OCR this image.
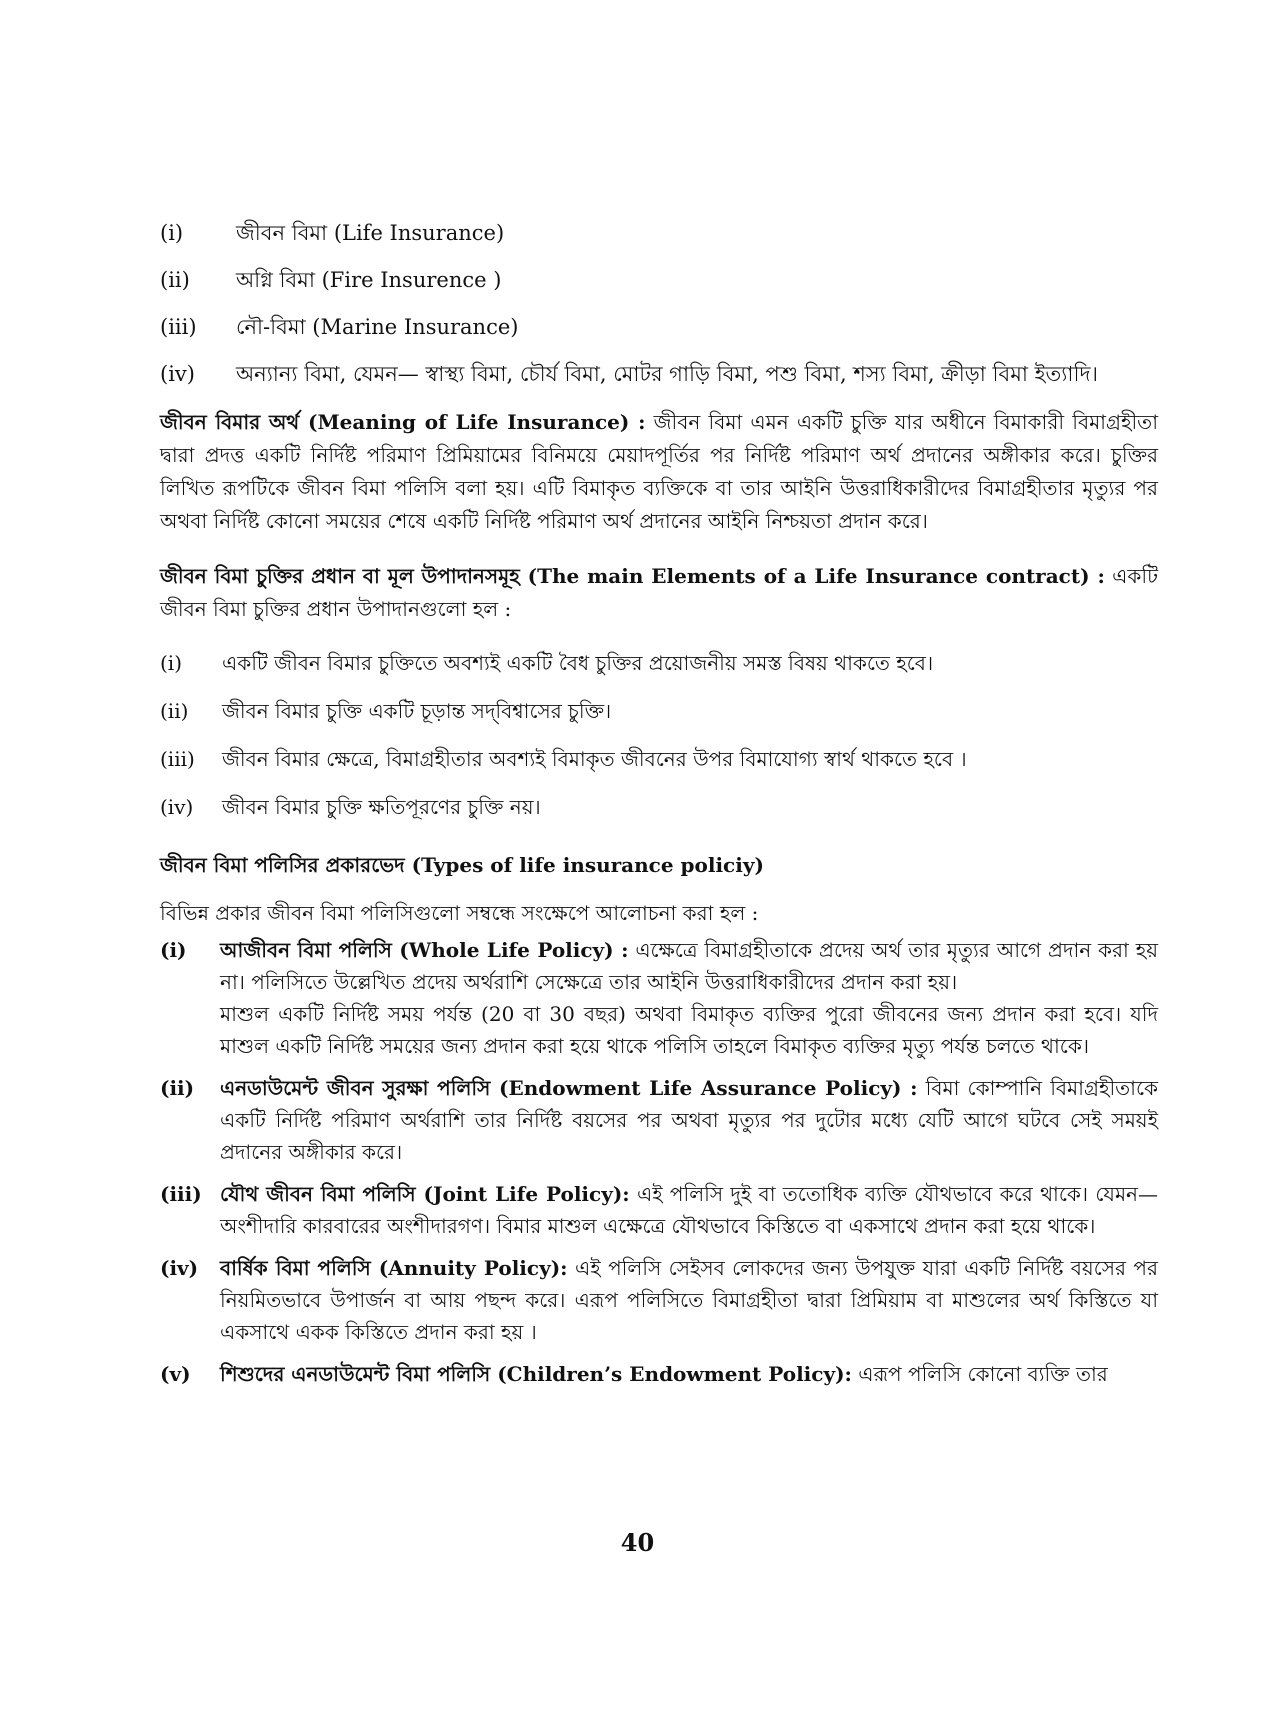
(i)	জীবন বিমা (Life Insurance)
(ii)	অগ্নি বিমা (Fire Insurence )
(iii)	নৌ-বিমা (Marine Insurance)
(iv)	অন্যান্য বিমা, যেমন— স্বাস্থ্য বিমা, চৌর্য বিমা, মোটর গাড়ি বিমা, পশু বিমা, শস্য বিমা, ক্রীড়া বিমা ইত্যাদি।

জীবন বিমার অর্থ (Meaning of Life Insurance) : জীবন বিমা এমন একটি চুক্তি যার অধীনে বিমাকারী বিমাগ্রহীতা দ্বারা প্রদত্ত একটি নির্দিষ্ট পরিমাণ প্রিমিয়ামের বিনিময়ে মেয়াদপূর্তির পর নির্দিষ্ট পরিমাণ অর্থ প্রদানের অঙ্গীকার করে। চুক্তির লিখিত রূপটিকে জীবন বিমা পলিসি বলা হয়। এটি বিমাকৃত ব্যক্তিকে বা তার আইনি উত্তরাধিকারীদের বিমাগ্রহীতার মৃত্যুর পর অথবা নির্দিষ্ট কোনো সময়ের শেষে একটি নির্দিষ্ট পরিমাণ অর্থ প্রদানের আইনি নিশ্চয়তা প্রদান করে।

জীবন বিমা চুক্তির প্রধান বা মূল উপাদানসমূহ (The main Elements of a Life Insurance contract) : একটি জীবন বিমা চুক্তির প্রধান উপাদানগুলো হল :

(i)	একটি জীবন বিমার চুক্তিতে অবশ্যই একটি বৈধ চুক্তির প্রয়োজনীয় সমস্ত বিষয় থাকতে হবে।
(ii)	জীবন বিমার চুক্তি একটি চূড়ান্ত সদ্‌বিশ্বাসের চুক্তি।
(iii)	জীবন বিমার ক্ষেত্রে, বিমাগ্রহীতার অবশ্যই বিমাকৃত জীবনের উপর বিমাযোগ্য স্বার্থ থাকতে হবে ।
(iv)	জীবন বিমার চুক্তি ক্ষতিপূরণের চুক্তি নয়।
জীবন বিমা পলিসির প্রকারভেদ (Types of life insurance policiy)
বিভিন্ন প্রকার জীবন বিমা পলিসিগুলো সম্বন্ধে সংক্ষেপে আলোচনা করা হল :
(i)	আজীবন বিমা পলিসি (Whole Life Policy) : এক্ষেত্রে বিমাগ্রহীতাকে প্রদেয় অর্থ তার মৃত্যুর আগে প্রদান করা হয় না। পলিসিতে উল্লেখিত প্রদেয় অর্থরাশি সেক্ষেত্রে তার আইনি উত্তরাধিকারীদের প্রদান করা হয়।
মাশুল একটি নির্দিষ্ট সময় পর্যন্ত (20 বা 30 বছর) অথবা বিমাকৃত ব্যক্তির পুরো জীবনের জন্য প্রদান করা হবে। যদি মাশুল একটি নির্দিষ্ট সময়ের জন্য প্রদান করা হয়ে থাকে পলিসি তাহলে বিমাকৃত ব্যক্তির মৃত্যু পর্যন্ত চলতে থাকে।
(ii)	এনডাউমেন্ট জীবন সুরক্ষা পলিসি (Endowment Life Assurance Policy) : বিমা কোম্পানি বিমাগ্রহীতাকে একটি নির্দিষ্ট পরিমাণ অর্থরাশি তার নির্দিষ্ট বয়সের পর অথবা মৃত্যুর পর দুটোর মধ্যে যেটি আগে ঘটবে সেই সময়ই প্রদানের অঙ্গীকার করে।
(iii) যৌথ জীবন বিমা পলিসি (Joint Life Policy): এই পলিসি দুই বা ততোধিক ব্যক্তি যৌথভাবে করে থাকে। যেমন— অংশীদারি কারবারের অংশীদারগণ। বিমার মাশুল এক্ষেত্রে যৌথভাবে কিস্তিতে বা একসাথে প্রদান করা হয়ে থাকে।
(iv)	বার্ষিক বিমা পলিসি (Annuity Policy): এই পলিসি সেইসব লোকদের জন্য উপযুক্ত যারা একটি নির্দিষ্ট বয়সের পর নিয়মিতভাবে উপার্জন বা আয় পছন্দ করে। এরূপ পলিসিতে বিমাগ্রহীতা দ্বারা প্রিমিয়াম বা মাশুলের অর্থ কিস্তিতে যা একসাথে একক কিস্তিতে প্রদান করা হয় ।
(v)	শিশুদের এনডাউমেন্ট বিমা পলিসি (Children’s Endowment Policy): এরূপ পলিসি কোনো ব্যক্তি তার
40
